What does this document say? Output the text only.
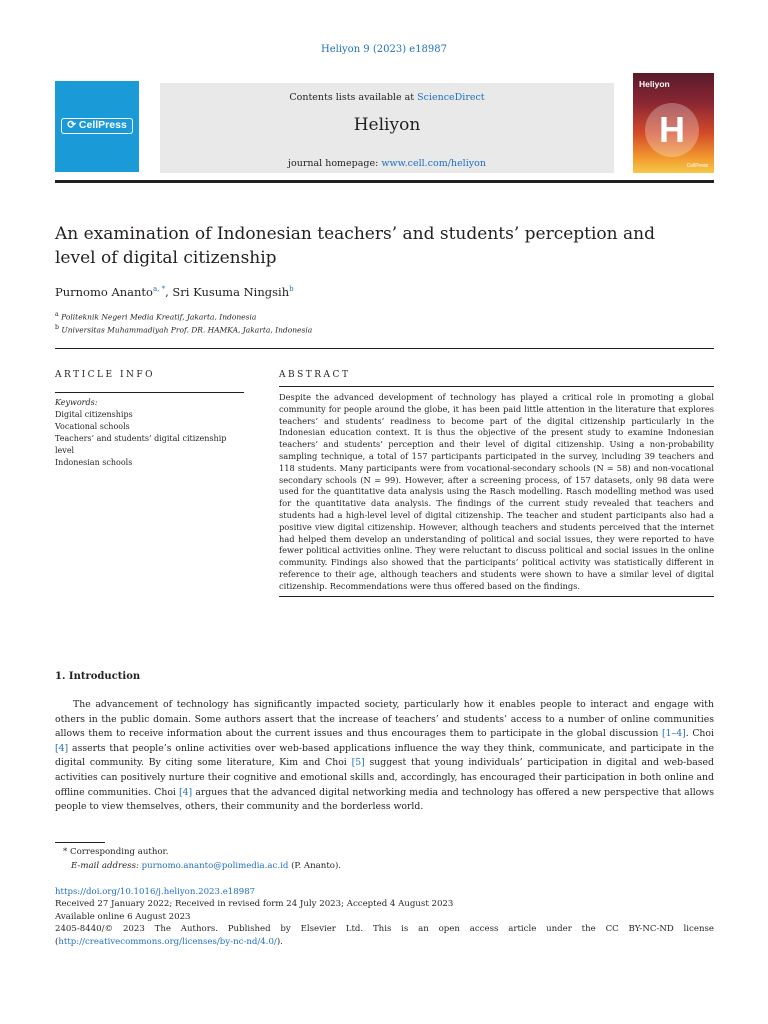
Heliyon 9 (2023) e18987
⟳ CellPress
Contents lists available at ScienceDirect
Heliyon
journal homepage: www.cell.com/heliyon
Heliyon
H
CellPress
An examination of Indonesian teachers’ and students’ perception and level of digital citizenship
Purnomo Ananto$^{a, *}$, Sri Kusuma Ningsih$^b$
$^a$ Politeknik Negeri Media Kreatif, Jakarta, Indonesia
$^b$ Universitas Muhammadiyah Prof. DR. HAMKA, Jakarta, Indonesia
ARTICLE INFO	ABSTRACT
Keywords:
Digital citizenships
Vocational schools
Teachers’ and students’ digital citizenship level
Indonesian schools
Despite the advanced development of technology has played a critical role in promoting a global community for people around the globe, it has been paid little attention in the literature that explores teachers’ and students’ readiness to become part of the digital citizenship particularly in the Indonesian education context. It is thus the objective of the present study to examine Indonesian teachers’ and students’ perception and their level of digital citizenship. Using a non-probability sampling technique, a total of 157 participants participated in the survey, including 39 teachers and 118 students. Many participants were from vocational-secondary schools (N = 58) and non-vocational secondary schools (N = 99). However, after a screening process, of 157 datasets, only 98 data were used for the quantitative data analysis using the Rasch modelling. Rasch modelling method was used for the quantitative data analysis. The findings of the current study revealed that teachers and students had a high-level level of digital citizenship. The teacher and student participants also had a positive view digital citizenship. However, although teachers and students perceived that the internet had helped them develop an understanding of political and social issues, they were reported to have fewer political activities online. They were reluctant to discuss political and social issues in the online community. Findings also showed that the participants’ political activity was statistically different in reference to their age, although teachers and students were shown to have a similar level of digital citizenship. Recommendations were thus offered based on the findings.
1. Introduction

The advancement of technology has significantly impacted society, particularly how it enables people to interact and engage with others in the public domain. Some authors assert that the increase of teachers’ and students’ access to a number of online communities allows them to receive information about the current issues and thus encourages them to participate in the global discussion [1–4]. Choi [4] asserts that people’s online activities over web-based applications influence the way they think, communicate, and participate in the digital community. By citing some literature, Kim and Choi [5] suggest that young individuals’ participation in digital and web-based activities can positively nurture their cognitive and emotional skills and, accordingly, has encouraged their participation in both online and offline communities. Choi [4] argues that the advanced digital networking media and technology has offered a new perspective that allows people to view themselves, others, their community and the borderless world.

* Corresponding author.
E-mail address: purnomo.ananto@polimedia.ac.id (P. Ananto).
https://doi.org/10.1016/j.heliyon.2023.e18987
Received 27 January 2022; Received in revised form 24 July 2023; Accepted 4 August 2023
Available online 6 August 2023
2405-8440/© 2023 The Authors. Published by Elsevier Ltd. This is an open access article under the CC BY-NC-ND license (http://creativecommons.org/licenses/by-nc-nd/4.0/).
